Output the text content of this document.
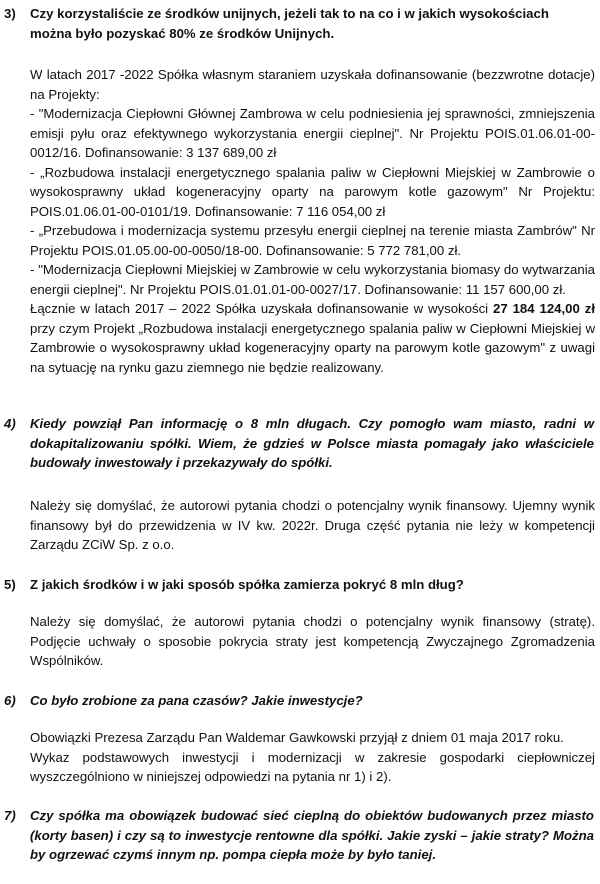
3) Czy korzystaliście ze środków unijnych, jeżeli tak to na co i w jakich wysokościach można było pozyskać 80% ze środków Unijnych.

W latach 2017 -2022 Spółka własnym staraniem uzyskała dofinansowanie (bezzwrotne dotacje) na Projekty:

- "Modernizacja Ciepłowni Głównej Zambrowa w celu podniesienia jej sprawności, zmniejszenia emisji pyłu oraz efektywnego wykorzystania energii cieplnej". Nr Projektu POIS.01.06.01-00-0012/16. Dofinansowanie: 3 137 689,00 zł

- „Rozbudowa instalacji energetycznego spalania paliw w Ciepłowni Miejskiej w Zambrowie o wysokosprawny układ kogeneracyjny oparty na parowym kotle gazowym" Nr Projektu: POIS.01.06.01-00-0101/19. Dofinansowanie: 7 116 054,00 zł

- „Przebudowa i modernizacja systemu przesyłu energii cieplnej na terenie miasta Zambrów" Nr Projektu POIS.01.05.00-00-0050/18-00. Dofinansowanie: 5 772 781,00 zł.

- "Modernizacja Ciepłowni Miejskiej w Zambrowie w celu wykorzystania biomasy do wytwarzania energii cieplnej". Nr Projektu POIS.01.01.01-00-0027/17. Dofinansowanie: 11 157 600,00 zł.

Łącznie w latach 2017 – 2022 Spółka uzyskała dofinansowanie w wysokości 27 184 124,00 zł przy czym Projekt „Rozbudowa instalacji energetycznego spalania paliw w Ciepłowni Miejskiej w Zambrowie o wysokosprawny układ kogeneracyjny oparty na parowym kotle gazowym" z uwagi na sytuację na rynku gazu ziemnego nie będzie realizowany.

4) Kiedy powziął Pan informację o 8 mln długach. Czy pomogło wam miasto, radni w dokapitalizowaniu spółki. Wiem, że gdzieś w Polsce miasta pomagały jako właściciele budowały inwestowały i przekazywały do spółki.

Należy się domyślać, że autorowi pytania chodzi o potencjalny wynik finansowy. Ujemny wynik finansowy był do przewidzenia w IV kw. 2022r. Druga część pytania nie leży w kompetencji Zarządu ZCiW Sp. z o.o.

5) Z jakich środków i w jaki sposób spółka zamierza pokryć 8 mln dług?

Należy się domyślać, że autorowi pytania chodzi o potencjalny wynik finansowy (stratę). Podjęcie uchwały o sposobie pokrycia straty jest kompetencją Zwyczajnego Zgromadzenia Wspólników.

6) Co było zrobione za pana czasów? Jakie inwestycje?

Obowiązki Prezesa Zarządu Pan Waldemar Gawkowski przyjął z dniem 01 maja 2017 roku.

Wykaz podstawowych inwestycji i modernizacji w zakresie gospodarki ciepłowniczej wyszczególniono w niniejszej odpowiedzi na pytania nr 1) i 2).

7) Czy spółka ma obowiązek budować sieć cieplną do obiektów budowanych przez miasto (korty basen) i czy są to inwestycje rentowne dla spółki. Jakie zyski – jakie straty? Można by ogrzewać czymś innym np. pompa ciepła może by było taniej.
